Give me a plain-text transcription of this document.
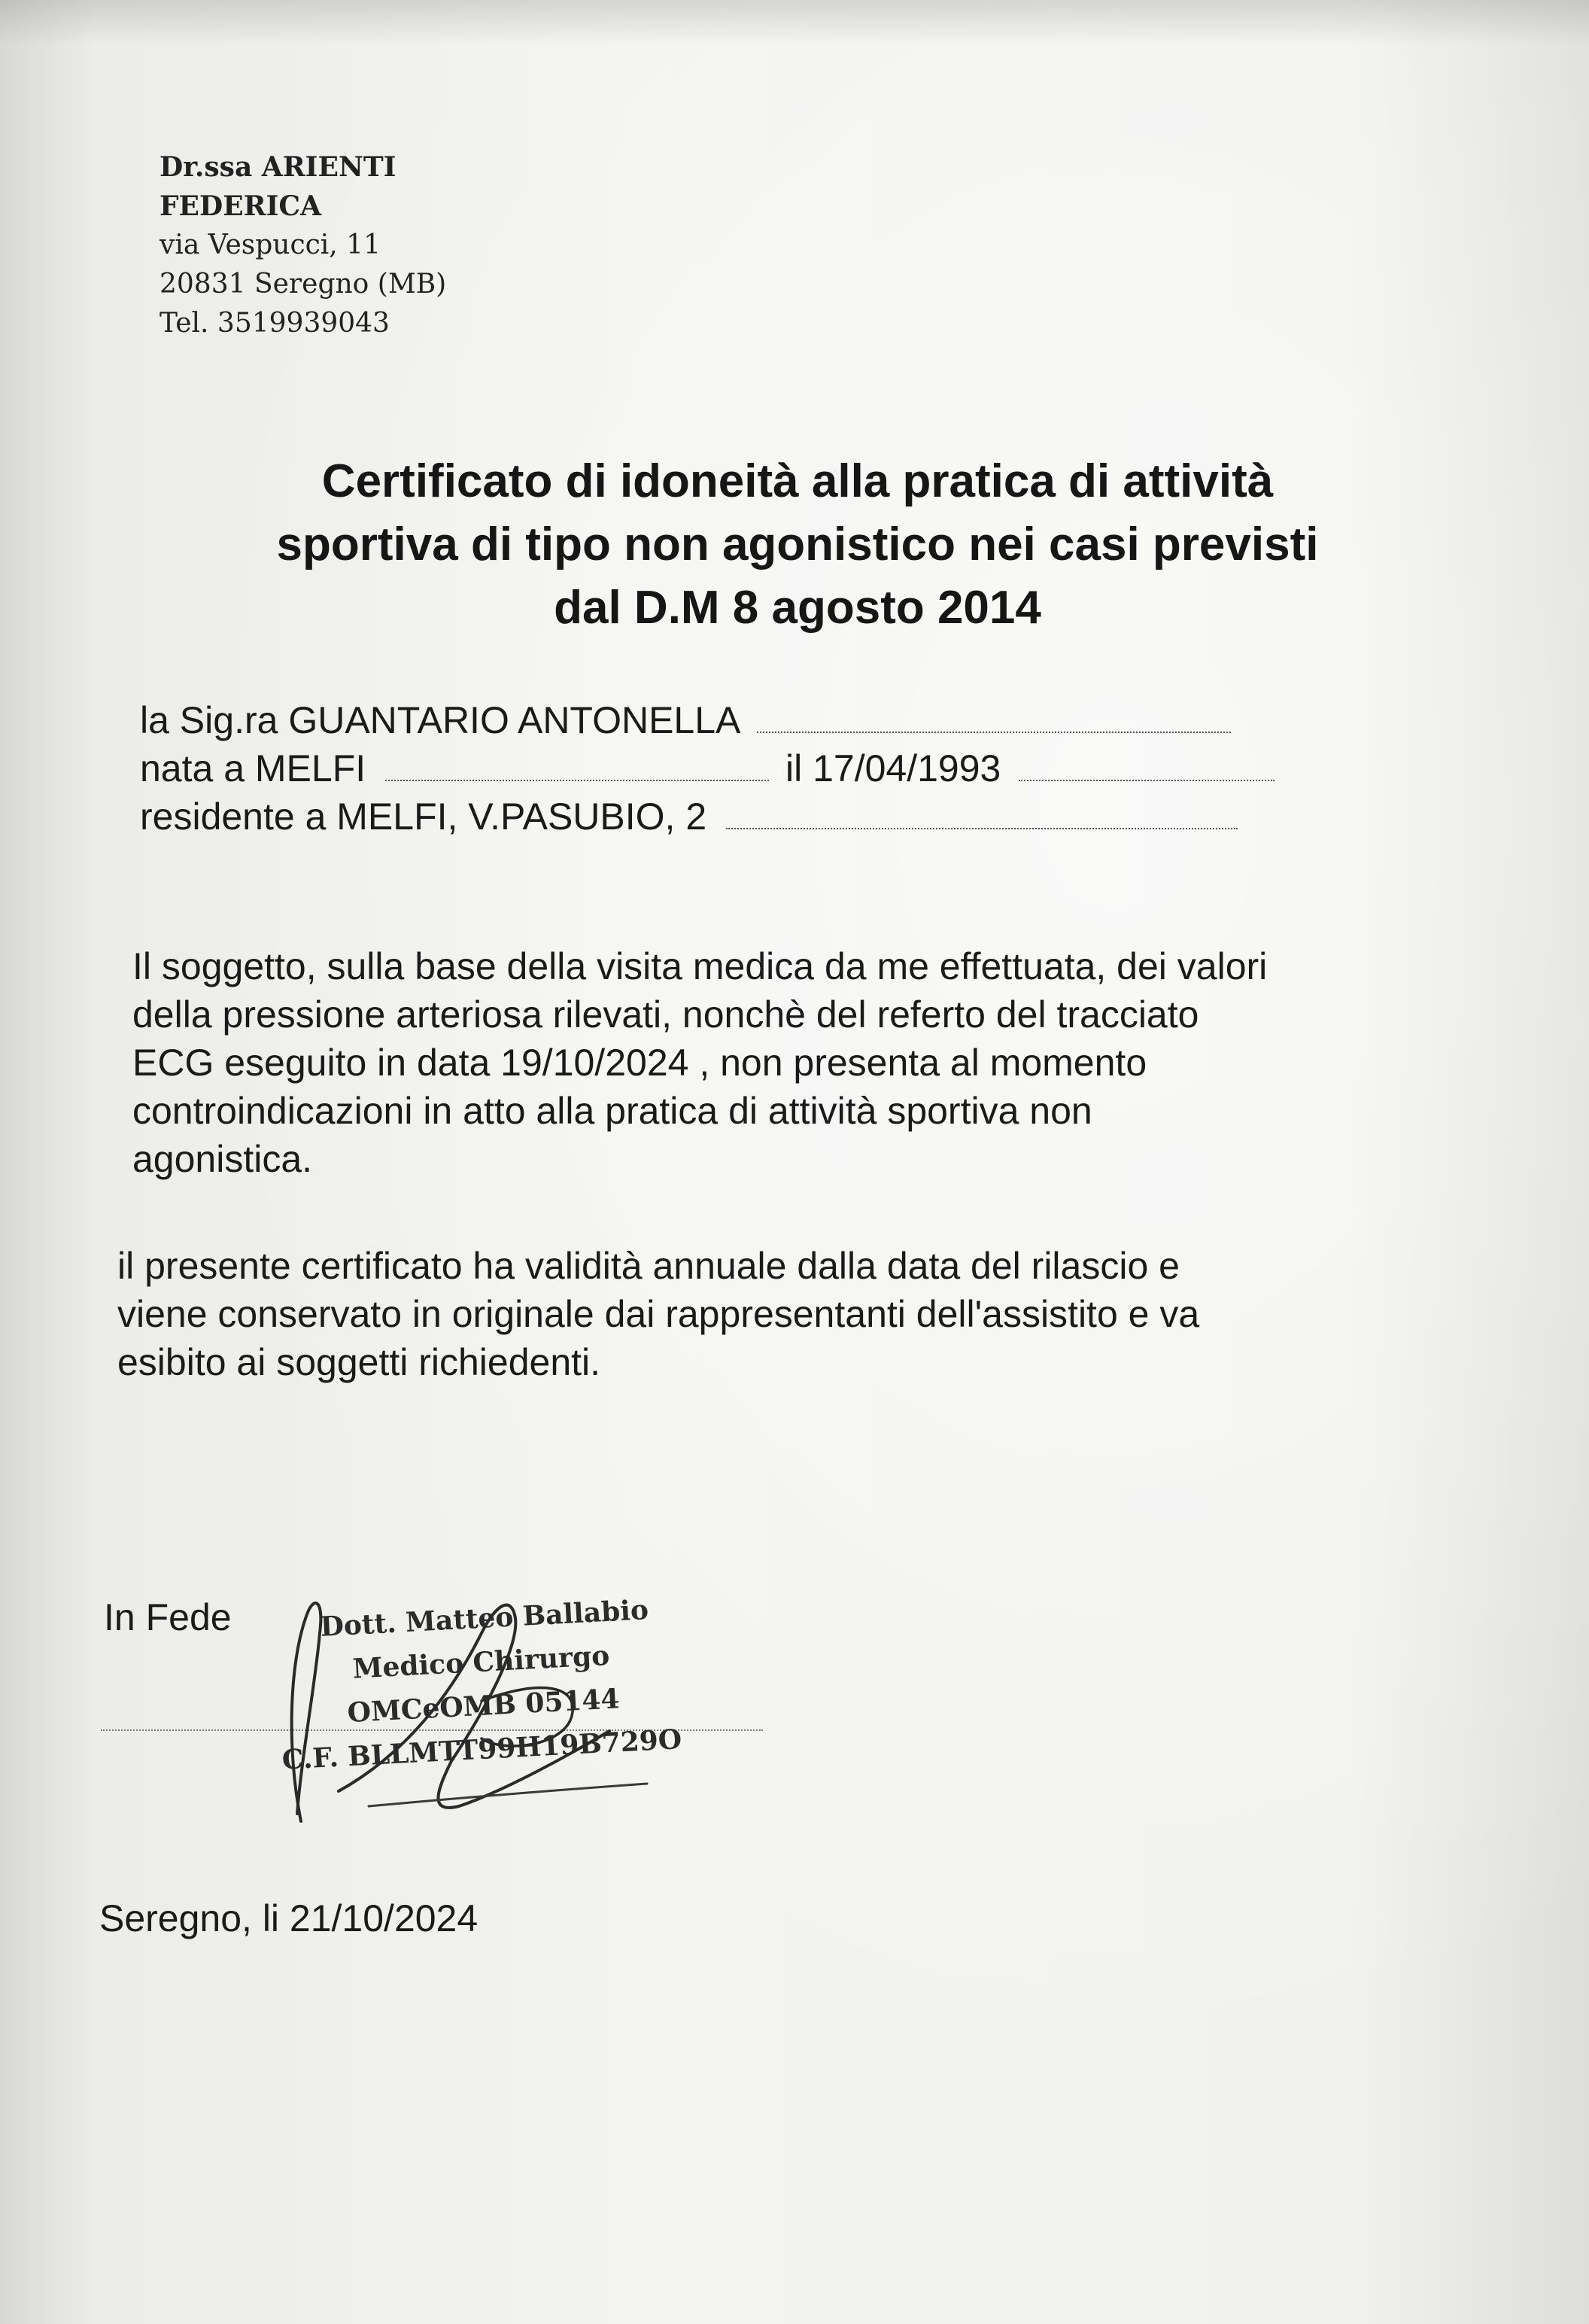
Dr.ssa ARIENTI
FEDERICA
via Vespucci, 11
20831 Seregno (MB)
Tel. 3519939043
Certificato di idoneità alla pratica di attività
sportiva di tipo non agonistico nei casi previsti
dal D.M 8 agosto 2014
la Sig.ra GUANTARIO ANTONELLA
nata a MELFI	il 17/04/1993
residente a MELFI, V.PASUBIO, 2
Il soggetto, sulla base della visita medica da me effettuata, dei valori
della pressione arteriosa rilevati, nonchè del referto del tracciato
ECG eseguito in data 19/10/2024 , non presenta al momento
controindicazioni in atto alla pratica di attività sportiva non
agonistica.
il presente certificato ha validità annuale dalla data del rilascio e
viene conservato in originale dai rappresentanti dell'assistito e va
esibito ai soggetti richiedenti.
In Fede	Dott. Matteo Ballabio
Medico Chirurgo
OMCeOMB 05144
C.F. BLLMTT99H19B729O
Seregno, li 21/10/2024
